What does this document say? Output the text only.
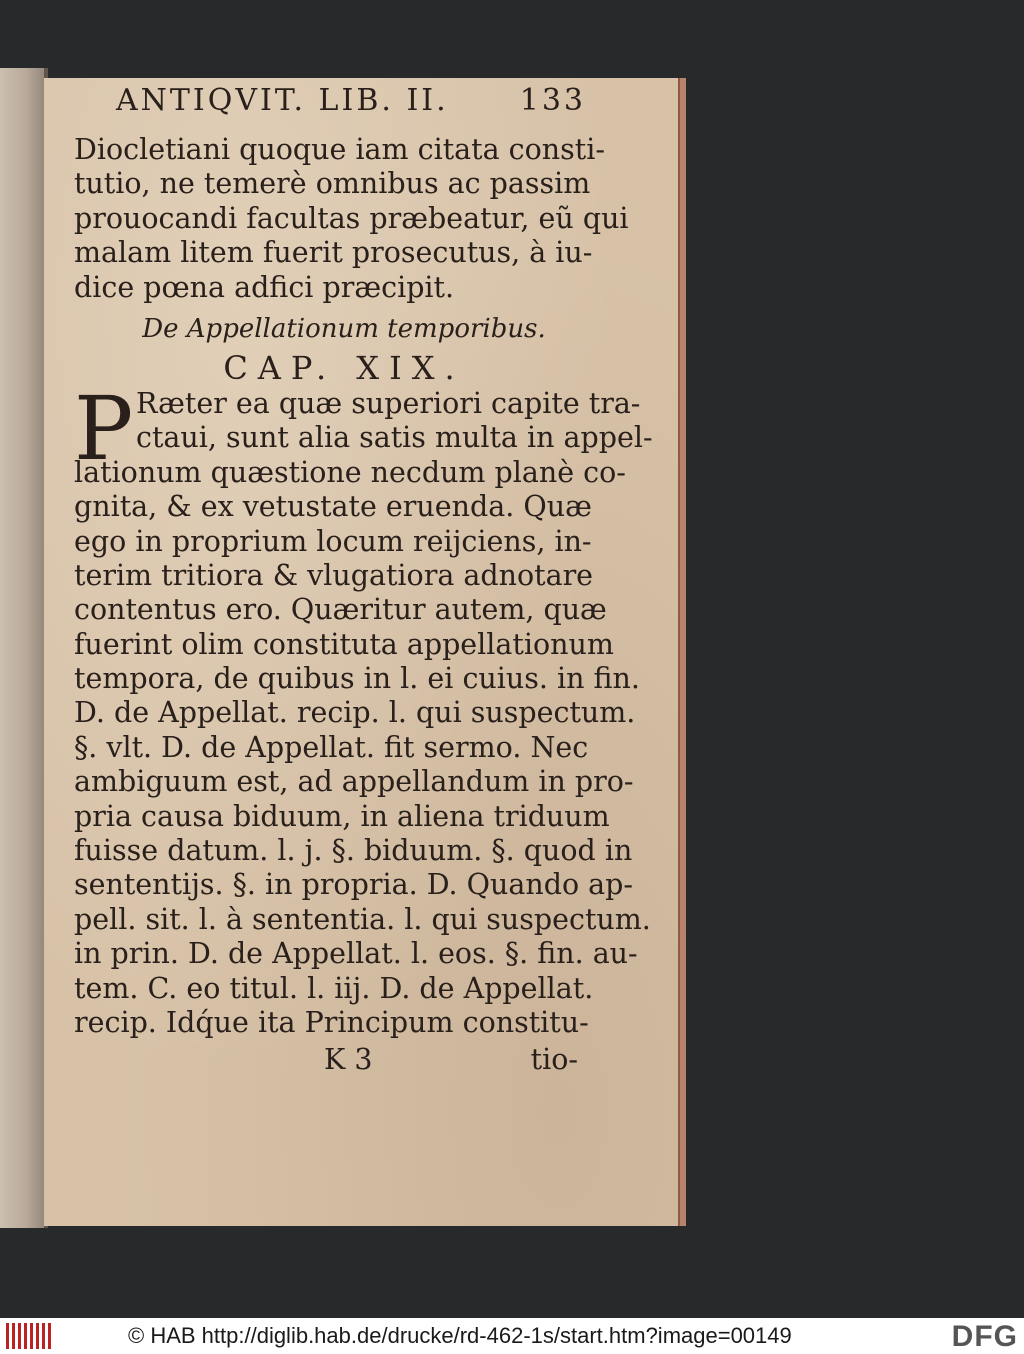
ANTIQVIT. LIB. II. 133
Diocletiani quoque iam citata consti-
tutio, ne temerè omnibus ac passim
prouocandi facultas præbeatur, eũ qui
malam litem fuerit prosecutus, à iu-
dice pœna adfici præcipit.
De Appellationum temporibus.
CAP. XIX.
P Ræter ea quæ superiori capite tra-
ctaui, sunt alia satis multa in appel-
lationum quæstione necdum planè co-
gnita, & ex vetustate eruenda. Quæ
ego in proprium locum reijciens, in-
terim tritiora & vlugatiora adnotare
contentus ero. Quæritur autem, quæ
fuerint olim constituta appellationum
tempora, de quibus in l. ei cuius. in fin.
D. de Appellat. recip. l. qui suspectum.
§. vlt. D. de Appellat. fit sermo. Nec
ambiguum est, ad appellandum in pro-
pria causa biduum, in aliena triduum
fuisse datum. l. j. §. biduum. §. quod in
sententijs. §. in propria. D. Quando ap-
pell. sit. l. à sententia. l. qui suspectum.
in prin. D. de Appellat. l. eos. §. fin. au-
tem. C. eo titul. l. iij. D. de Appellat.
recip. Idq́ue ita Principum constitu-
K 3	tio-
© HAB http://diglib.hab.de/drucke/rd-462-1s/start.htm?image=00149	DFG
